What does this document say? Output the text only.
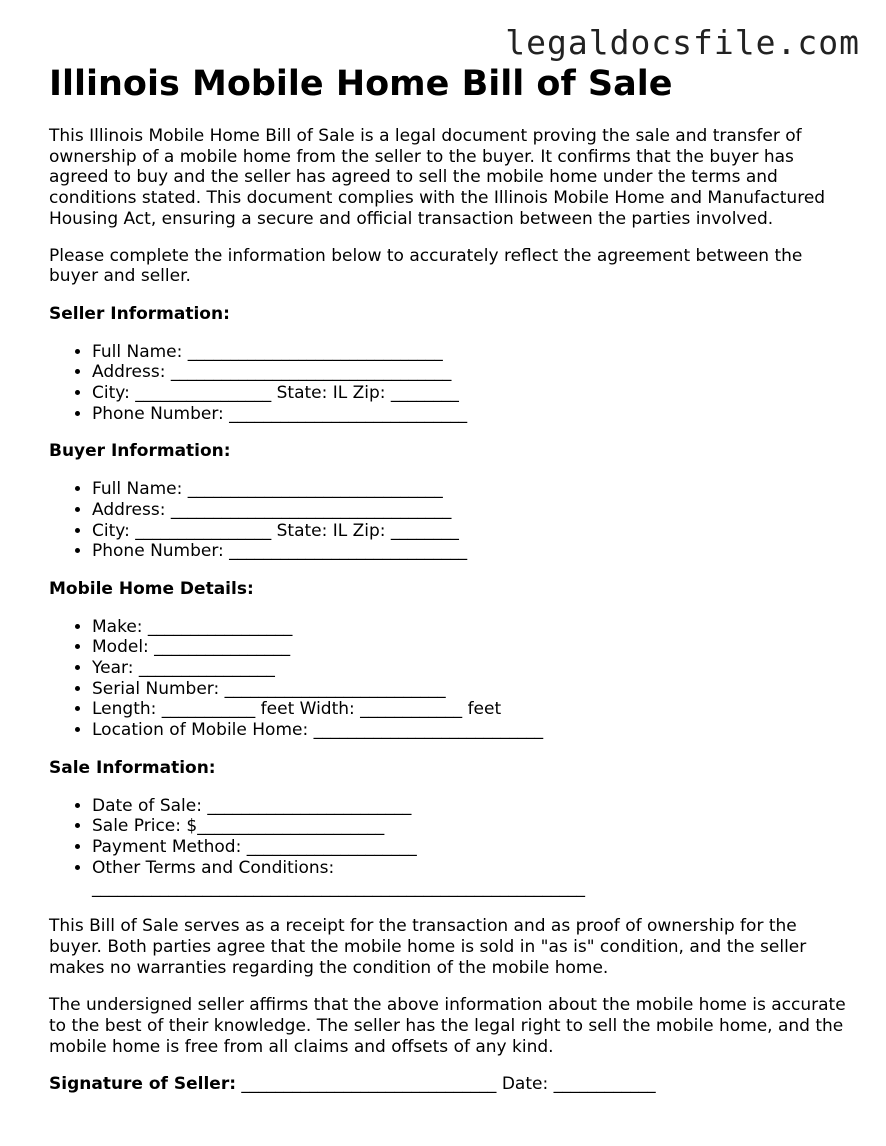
legaldocsfile.com
Illinois Mobile Home Bill of Sale

This Illinois Mobile Home Bill of Sale is a legal document proving the sale and transfer of ownership of a mobile home from the seller to the buyer. It confirms that the buyer has agreed to buy and the seller has agreed to sell the mobile home under the terms and conditions stated. This document complies with the Illinois Mobile Home and Manufactured Housing Act, ensuring a secure and official transaction between the parties involved.

Please complete the information below to accurately reflect the agreement between the buyer and seller.

Seller Information:
• Full Name: ______________________________
• Address: _________________________________
• City: ________________ State: IL Zip: ________
• Phone Number: ____________________________
Buyer Information:
• Full Name: ______________________________
• Address: _________________________________
• City: ________________ State: IL Zip: ________
• Phone Number: ____________________________
Mobile Home Details:
• Make: _________________
• Model: ________________
• Year: ________________
• Serial Number: __________________________
• Length: ___________ feet Width: ____________ feet
• Location of Mobile Home: ___________________________
Sale Information:
• Date of Sale: ________________________
• Sale Price: $______________________
• Payment Method: ____________________
• Other Terms and Conditions:
__________________________________________________________

This Bill of Sale serves as a receipt for the transaction and as proof of ownership for the buyer. Both parties agree that the mobile home is sold in "as is" condition, and the seller makes no warranties regarding the condition of the mobile home.

The undersigned seller affirms that the above information about the mobile home is accurate to the best of their knowledge. The seller has the legal right to sell the mobile home, and the mobile home is free from all claims and offsets of any kind.

Signature of Seller: ______________________________ Date: ____________
